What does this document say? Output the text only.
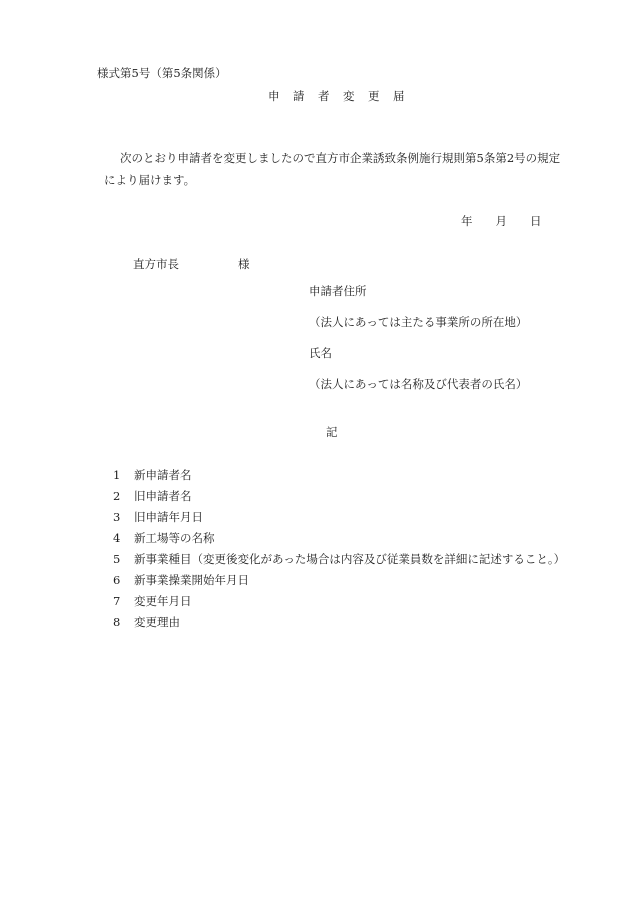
様式第5号（第5条関係）
申　請　者　変　更　届
次のとおり申請者を変更しましたので直方市企業誘致条例施行規則第5条第2号の規定
により届けます。
年　　月　　日
直方市長	様
申請者住所
（法人にあっては主たる事業所の所在地）
氏名
（法人にあっては名称及び代表者の氏名）
記
1 新申請者名
2 旧申請者名
3 旧申請年月日
4 新工場等の名称
5 新事業種目（変更後変化があった場合は内容及び従業員数を詳細に記述すること。）
6 新事業操業開始年月日
7 変更年月日
8 変更理由
